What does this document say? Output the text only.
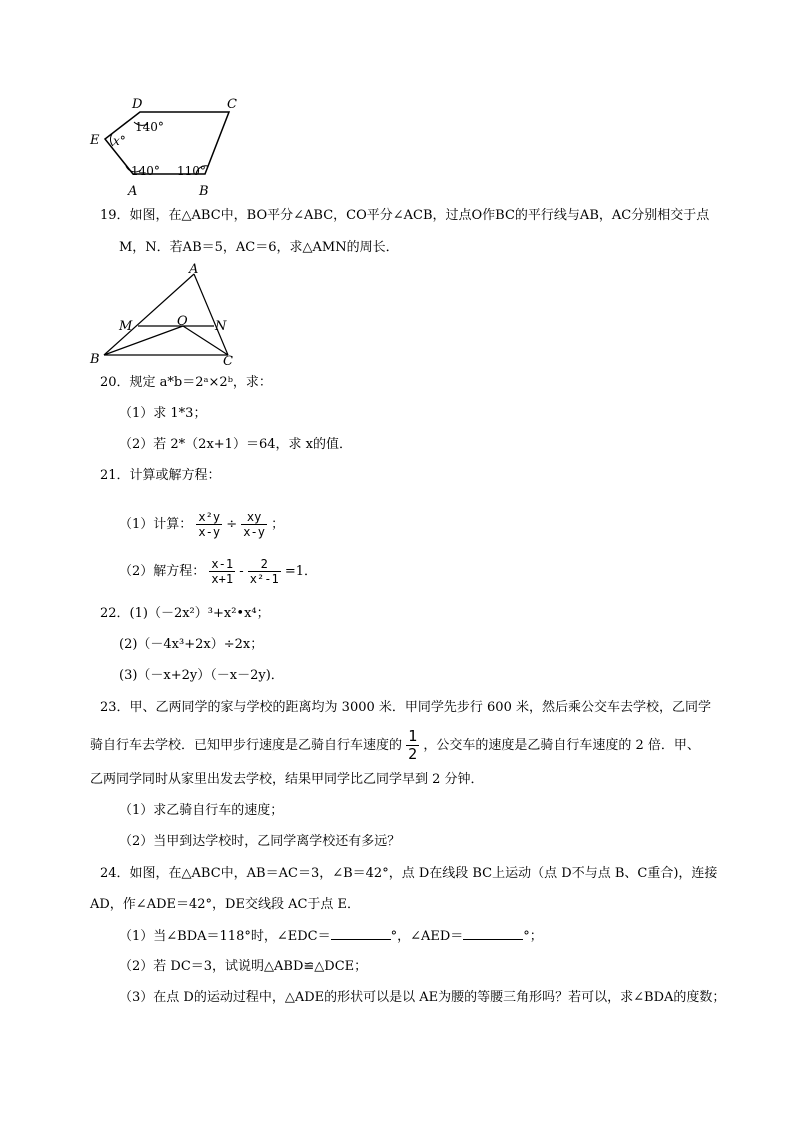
D	C
E
A	B
140°
x°
140° 110°
19．如图，在△ABC中，BO平分∠ABC，CO平分∠ACB，过点O作BC的平行线与AB，AC分别相交于点
M，N．若AB＝5，AC＝6，求△AMN的周长．
A
M	O N
B	C
20．规定 a*b＝2ᵃ×2ᵇ，求：
（1）求 1*3；
（2）若 2*（2x+1）＝64，求 x的值．
21．计算或解方程：
（1）计算： $\frac{\text{x²y}}{x-y} \div \frac{xy}{x-y}$ ；
（2）解方程： $\frac{x-1}{x+1} - \frac{2}{\text{x²-1}} =1$．
22．(1)（－2x²）³+x²•x⁴；
(2)（－4x³+2x）÷2x；
(3)（－x+2y）（－x－2y)．
23．甲、乙两同学的家与学校的距离均为 3000 米．甲同学先步行 600 米，然后乘公交车去学校，乙同学
骑自行车去学校．已知甲步行速度是乙骑自行车速度的 $\frac{1}{2}$ ，公交车的速度是乙骑自行车速度的 2 倍．甲、
乙两同学同时从家里出发去学校，结果甲同学比乙同学早到 2 分钟．
（1）求乙骑自行车的速度；
（2）当甲到达学校时，乙同学离学校还有多远？
24．如图，在△ABC中，AB＝AC＝3，∠B＝42°，点 D在线段 BC上运动（点 D不与点 B、C重合)，连接
AD，作∠ADE＝42°，DE交线段 AC于点 E．
（1）当∠BDA＝118°时，∠EDC＝	°，∠AED＝	°；
（2）若 DC＝3，试说明△ABD≌△DCE；
（3）在点 D的运动过程中，△ADE的形状可以是以 AE为腰的等腰三角形吗？若可以，求∠BDA的度数；
